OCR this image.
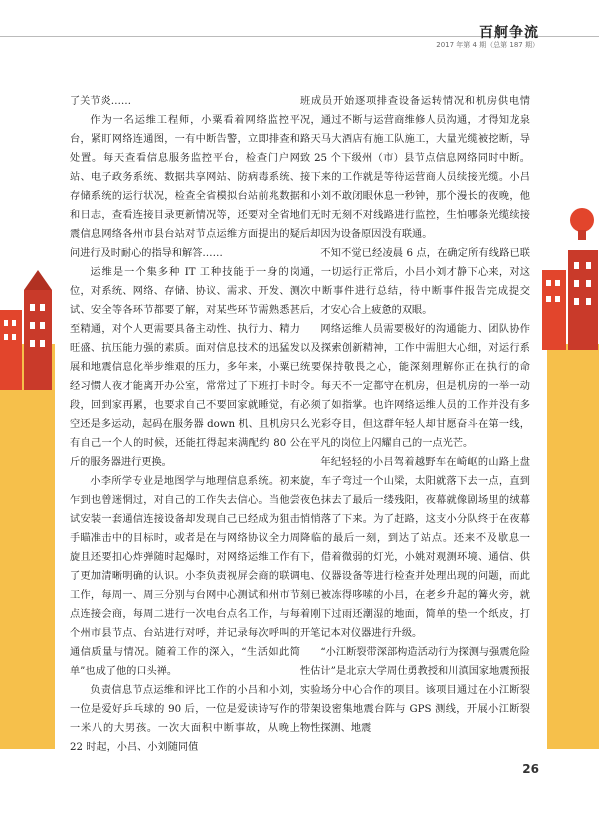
百舸争流
2017 年第 4 期（总第 187 期）

了关节炎……

作为一名运维工程师，小粟看着网络监控平台，紧盯网络连通图，一有中断告警，立即排查和处置。每天查看信息服务监控平台，检查门户网站、电子政务系统、数据共享网站、防病毒系统、存储系统的运行状况，检查全省模拟台站前兆数据和日志，查看连接目录更新情况等，还要对全省地震信息网络各州市县台站对节点运维方面提出的疑问进行及时耐心的指导和解答……

运维是一个集多种 IT 工种技能于一身的岗位，对系统、网络、存储、协议、需求、开发、测试、安全等各环节都要了解，对某些环节需熟悉甚至精通，对个人更需要具备主动性、执行力、精力旺盛、抗压能力强的素质。面对信息技术的迅猛发展和地震信息化举步维艰的压力，多年来，小粟已经习惯人夜才能离开办公室，常常过了下班打卡时段，回到家再累，也要求自己不要回家就睡觉，有空还是多运动，起码在服务器 down 机、且机房只有自己一个人的时候，还能扛得起来满配约 80 公斤的服务器进行更换。

小李所学专业是地图学与地理信息系统。初来乍到也曾迷惘过，对自己的工作失去信心。当他尝试安装一套通信连接设备却发现自己已经成为狙击手瞄准击中的目标时，或者是在与网络协议全力周旋且还要扣心炸弹随时起爆时，对网络运维工作有了更加清晰明确的认识。小李负责视屏会商的联调工作，每周一、周三分别与台网中心测试和州市节点连接会商，每周二进行一次电台点名工作，与每个州市县节点、台站进行对呼，并记录每次呼叫的通信质量与情况。随着工作的深入，“生活如此简单”也成了他的口头禅。

负责信息节点运维和评比工作的小吕和小刘，一位是爱好乒乓球的 90 后，一位是爱读诗写作的一米八的大男孩。一次大面积中断事故，从晚上 22 时起，小吕、小刘随同值

班成员开始逐项排查设备运转情况和机房供电情况，通过不断与运营商维修人员沟通，才得知龙泉路天马大酒店有施工队施工，大量光缆被挖断，导致 25 个下级州（市）县节点信息网络同时中断。接下来的工作就是等待运营商人员续接光缆。小吕和小刘不敢闭眼休息一秒钟，那个漫长的夜晚，他们无时无刻不对线路进行监控，生怕哪条光缆续接后却因为设备原因没有联通。

不知不觉已经凌晨 6 点，在确定所有线路已联通，一切运行正常后，小吕小刘才静下心来，对这次中断事件进行总结，待中断事件报告完成提交后，才安心合上疲惫的双眼。

网络运维人员需要极好的沟通能力、团队协作以及探索创新精神，工作中需胆大心细，对运行系统要保持敬畏之心，能深刻理解你正在执行的命令。每天不一定都守在机房，但是机房的一举一动必须了如指掌。也许网络运维人员的工作并没有多么光彩夺目，但这群年轻人却甘愿奋斗在第一线，在平凡的岗位上闪耀自己的一点光芒。

年纪轻轻的小吕驾着越野车在崎岖的山路上盘旋，车子弯过一个山梁，太阳就落下去一点，直到夜色抹去了最后一缕残阳，夜幕就像剧场里的绒幕悄悄落了下来。为了赶路，这支小分队终于在夜幕降临的最后一刻，到达了站点。还来不及歇息一下，借着微弱的灯光，小姚对观测环境、通信、供电、仪器设备等进行检查并处理出现的问题，而此刻已被冻得哆嗦的小吕，在老乡升起的篝火旁，就着刚下过雨还潮湿的地面，简单的垫一个纸皮，打开笔记本对仪器进行升级。

“小江断裂带深部构造活动行为探测与强震危险性估计”是北京大学周仕勇教授和川滇国家地震预报实验场分中心合作的项目。该项目通过在小江断裂带架设密集地震台阵与 GPS 测线，开展小江断裂物性探测、地震

26
